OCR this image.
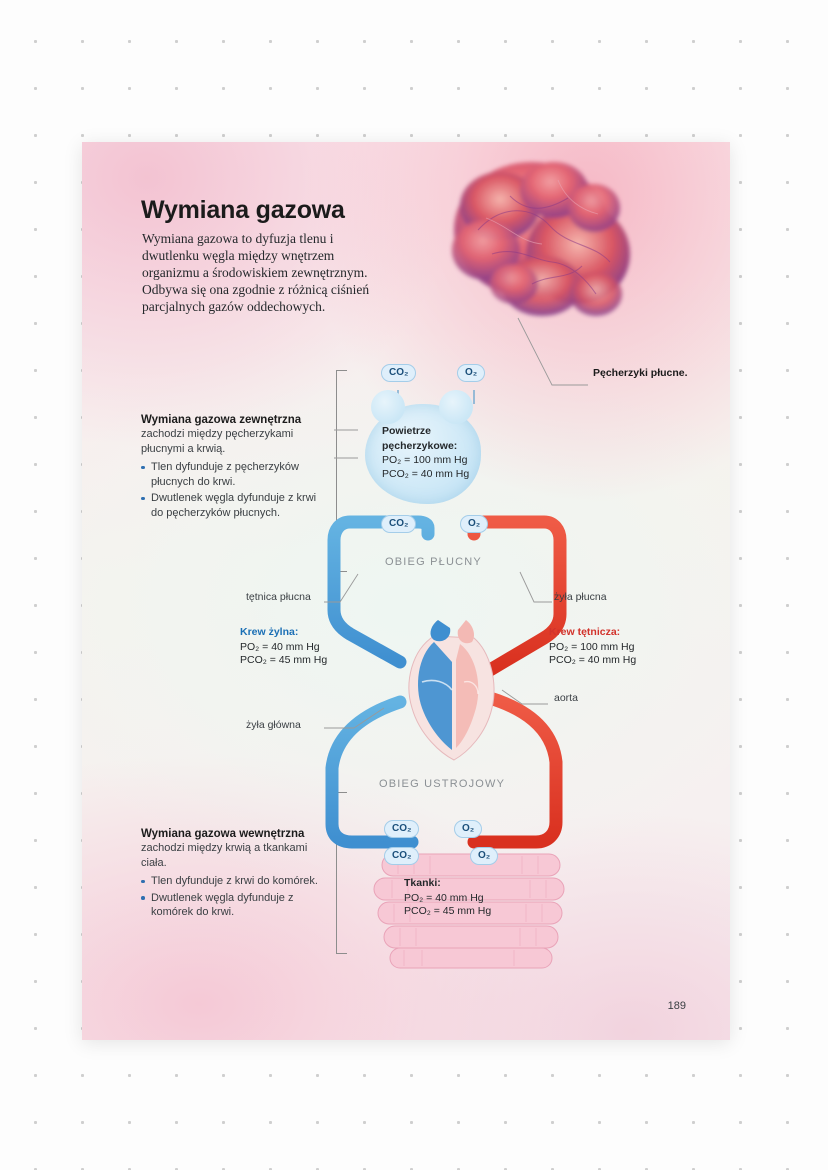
Wymiana gazowa
Wymiana gazowa to dyfuzja tlenu i dwutlenku węgla między wnętrzem organizmu a środowiskiem zewnętrznym. Odbywa się ona zgodnie z różnicą ciśnień parcjalnych gazów oddechowych.
Pęcherzyki płucne.

Wymiana gazowa zewnętrzna

zachodzi między pęcherzykami płucnymi a krwią.

Tlen dyfunduje z pęcherzyków płucnych do krwi.
Dwutlenek węgla dyfunduje z krwi do pęcherzyków płucnych.

Wymiana gazowa wewnętrzna

zachodzi między krwią a tkankami ciała.

Tlen dyfunduje z krwi do komórek.
Dwutlenek węgla dyfunduje z komórek do krwi.
Powietrze
pęcherzykowe:
PO₂ = 100 mm Hg
PCO₂ = 40 mm Hg
Krew żylna:
PO₂ = 40 mm Hg
PCO₂ = 45 mm Hg
Krew tętnicza:
PO₂ = 100 mm Hg
PCO₂ = 40 mm Hg
Tkanki:
PO₂ = 40 mm Hg
PCO₂ = 45 mm Hg
CO₂	O₂
CO₂	O₂
CO₂	O₂
CO₂	O₂
tętnica płucna	żyła płucna
żyła główna
aorta
OBIEG PŁUCNY
OBIEG USTROJOWY
189
